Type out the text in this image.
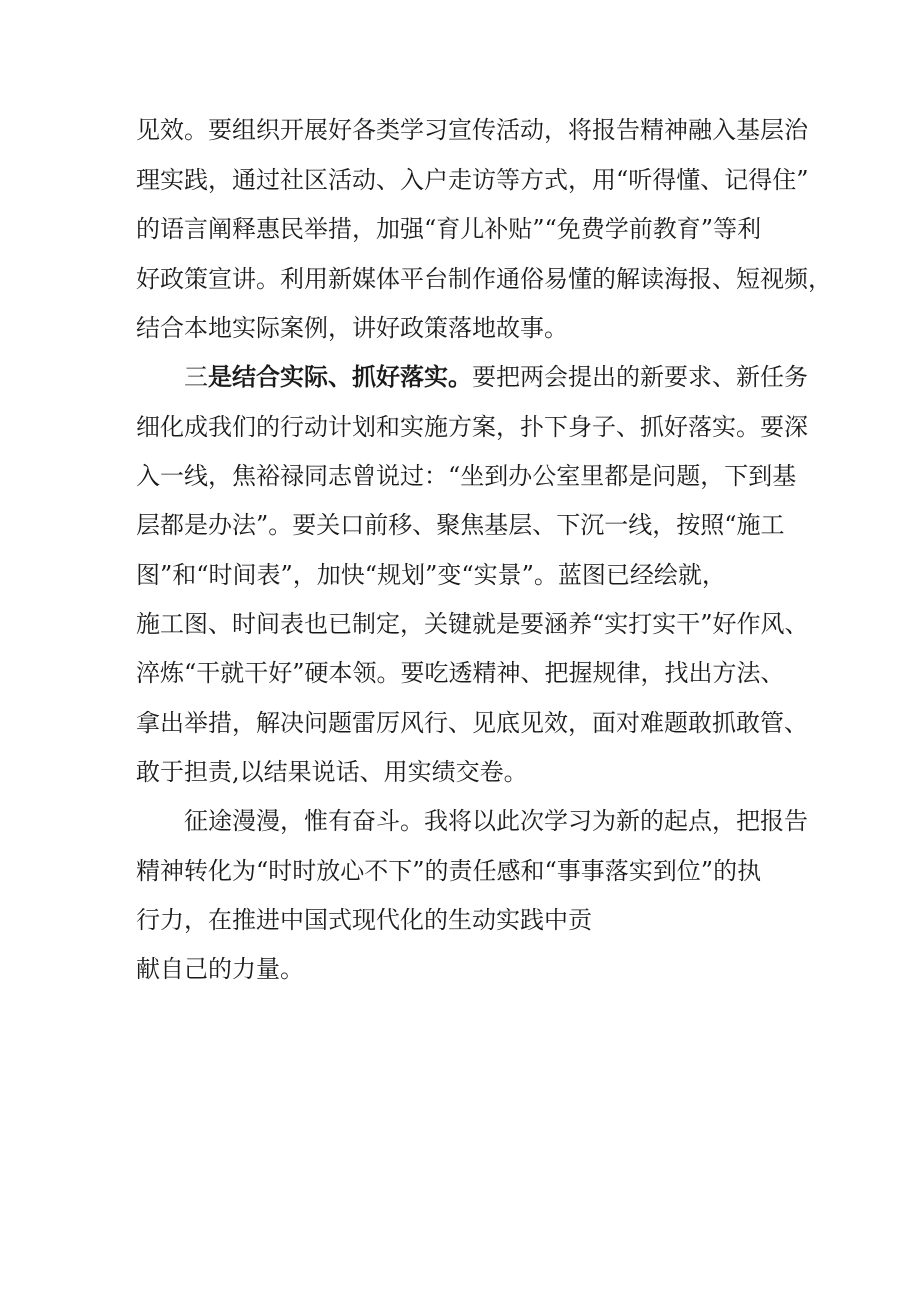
见效。要组织开展好各类学习宣传活动，将报告精神融入基层治
理实践，通过社区活动、入户走访等方式，用“听得懂、记得住”
的语言阐释惠民举措，加强“育儿补贴”“免费学前教育”等利
好政策宣讲。利用新媒体平台制作通俗易懂的解读海报、短视频，
结合本地实际案例，讲好政策落地故事。
三是结合实际、抓好落实。要把两会提出的新要求、新任务
细化成我们的行动计划和实施方案，扑下身子、抓好落实。要深
入一线，焦裕禄同志曾说过：“坐到办公室里都是问题，下到基
层都是办法”。要关口前移、聚焦基层、下沉一线，按照“施工
图”和“时间表”，加快“规划”变“实景”。蓝图已经绘就，
施工图、时间表也已制定，关键就是要涵养“实打实干”好作风、
淬炼“干就干好”硬本领。要吃透精神、把握规律，找出方法、
拿出举措，解决问题雷厉风行、见底见效，面对难题敢抓敢管、
敢于担责,以结果说话、用实绩交卷。
征途漫漫，惟有奋斗。我将以此次学习为新的起点，把报告
精神转化为“时时放心不下”的责任感和“事事落实到位”的执
行力，在推进中国式现代化的生动实践中贡
献自己的力量。
